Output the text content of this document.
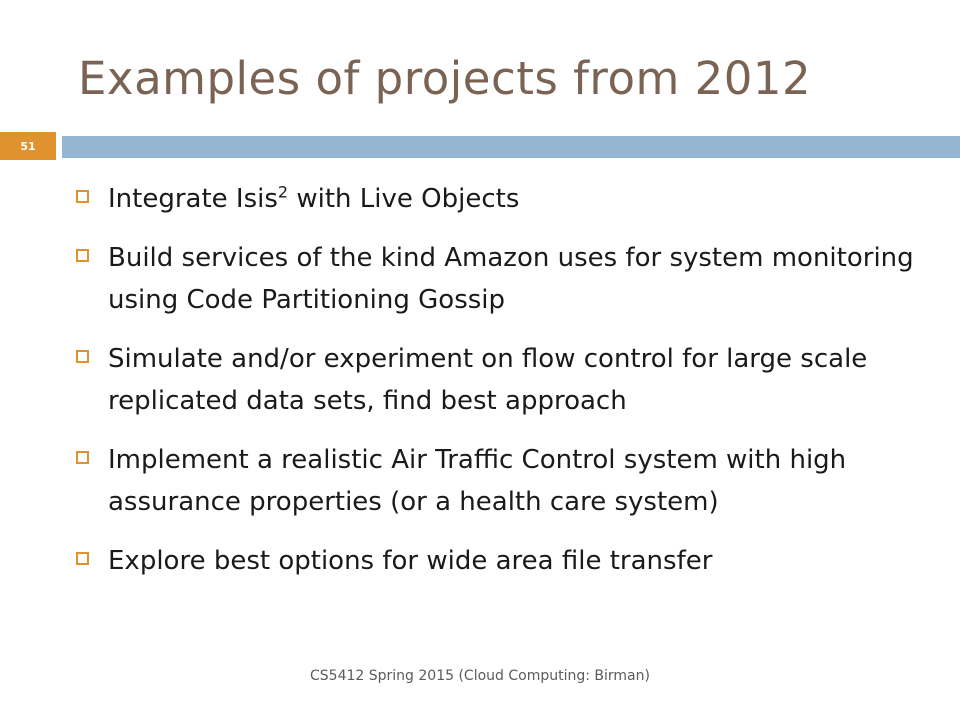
Examples of projects from 2012
51
Integrate Isis$^2$ with Live Objects
Build services of the kind Amazon uses for system monitoring using Code Partitioning Gossip
Simulate and/or experiment on flow control for large scale replicated data sets, find best approach
Implement a realistic Air Traffic Control system with high assurance properties (or a health care system)
Explore best options for wide area file transfer
CS5412 Spring 2015 (Cloud Computing: Birman)
